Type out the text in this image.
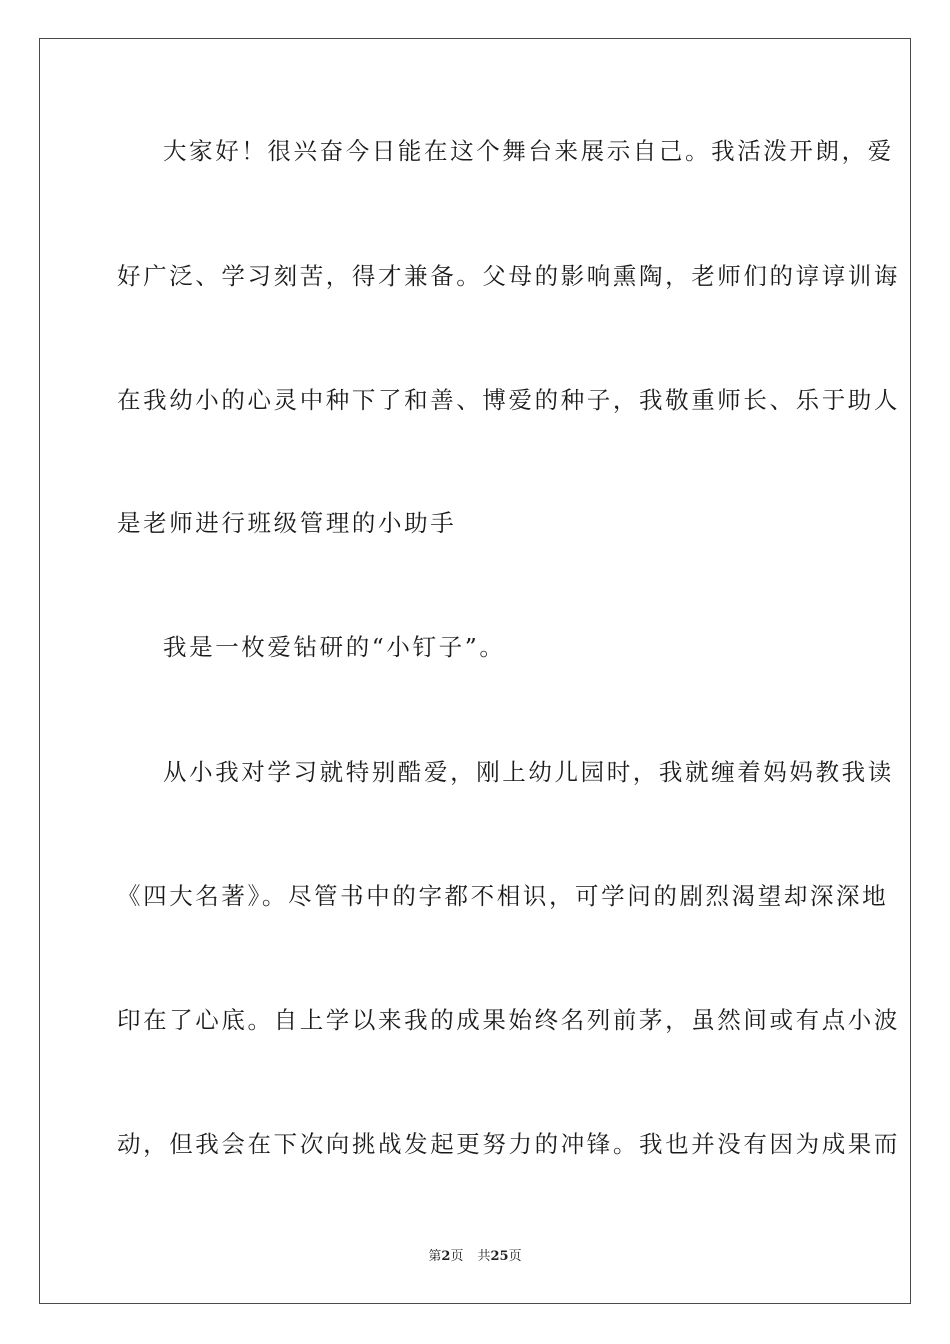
大家好！很兴奋今日能在这个舞台来展示自己。我活泼开朗，爱
好广泛、学习刻苦，得才兼备。父母的影响熏陶，老师们的谆谆训诲
在我幼小的心灵中种下了和善、博爱的种子，我敬重师长、乐于助人
是老师进行班级管理的小助手
我是一枚爱钻研的“小钉子”。
从小我对学习就特别酷爱，刚上幼儿园时，我就缠着妈妈教我读
《四大名著》。尽管书中的字都不相识，可学问的剧烈渴望却深深地
印在了心底。自上学以来我的成果始终名列前茅，虽然间或有点小波
动，但我会在下次向挑战发起更努力的冲锋。我也并没有因为成果而
第2页 共25页
